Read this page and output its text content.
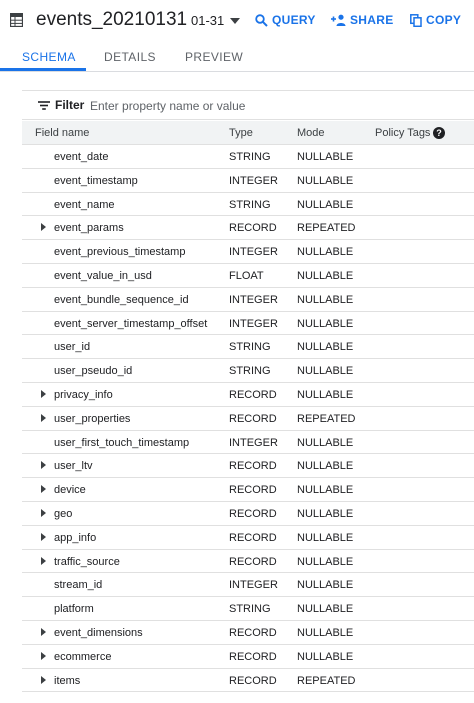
events_20210131 01-31	QUERY	SHARE	COPY
SCHEMA DETAILS PREVIEW
Filter
Enter property name or value
Field name	Type	Mode	Policy Tags ?
event_date	STRING NULLABLE
event_timestamp	INTEGER NULLABLE
event_name	STRING NULLABLE
event_params	RECORD REPEATED
event_previous_timestamp	INTEGER NULLABLE
event_value_in_usd	FLOAT	NULLABLE
event_bundle_sequence_id	INTEGER NULLABLE
event_server_timestamp_offset INTEGER NULLABLE
user_id	STRING NULLABLE
user_pseudo_id	STRING NULLABLE
privacy_info	RECORD NULLABLE
user_properties	RECORD REPEATED
user_first_touch_timestamp	INTEGER NULLABLE
user_ltv	RECORD NULLABLE
device	RECORD NULLABLE
geo	RECORD NULLABLE
app_info	RECORD NULLABLE
traffic_source	RECORD NULLABLE
stream_id	INTEGER NULLABLE
platform	STRING NULLABLE
event_dimensions	RECORD NULLABLE
ecommerce	RECORD NULLABLE
items	RECORD REPEATED
